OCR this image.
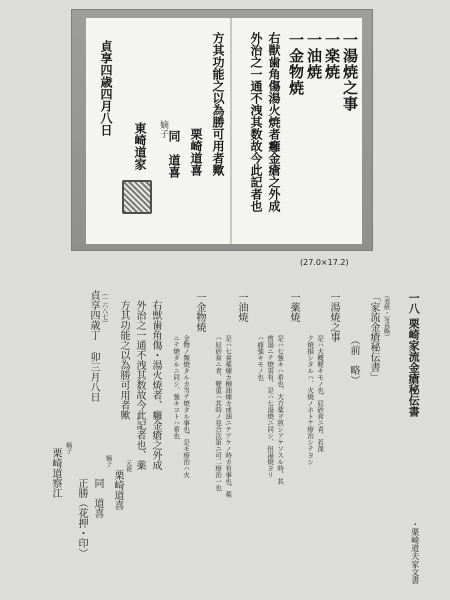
一湯焼之事
一楽焼
一油焼
一金物焼
右獣歯角傷湯火焼者癰金瘡之外成
外治之一通不洩其数故今此記者也
方其功能之以為勝可用者歟
栗崎道喜
同　道喜
嫡子
東崎道家
貞享四歳四月八日
(27.0×17.2)
一八
栗崎家流金瘡秘伝書
・栗崎道夫家文書
（表紙・写真略）
「家流金瘡秘伝書」
（前　略）
一湯焼之事
是ハ大概軽キモノ也、辰砂膏ニ青、若深
ク焼損シタルハ、火焼ノホトケ療治シテヨシ
一薬焼
是ハ七強キハ希也、大方薬ヲ煎シアケソスル時、其
煎湯ニテ焼害有、是ハ七湯焼ニ同シ、但湯焼ヨリ
ハ痛強キモノ也
一油焼
是ハ七膏薬煉カ桐油煉カ或油ニテアケノ時カ有事也、薬
ハ辰砂膏ニ青、軽重ハ其時ノ見合次第ニ可二療治一也
一金物焼
金物ノ類焼タルカ当テ焼タル事也、是モ療治ハ火
ニテ焼タルニ同シ、強キコトハ希也
右獣歯角傷・湯火焼者、癰金瘡之外成
外治之一通不洩其数故今此記者也、薬
方其功能之以為勝可用者歟
（一六八七）
貞享四歳丁
卯三月八日
元祖
栗崎道喜
嫡子
同　道喜
正勝（花押・印）
嫡子
栗崎道察江
